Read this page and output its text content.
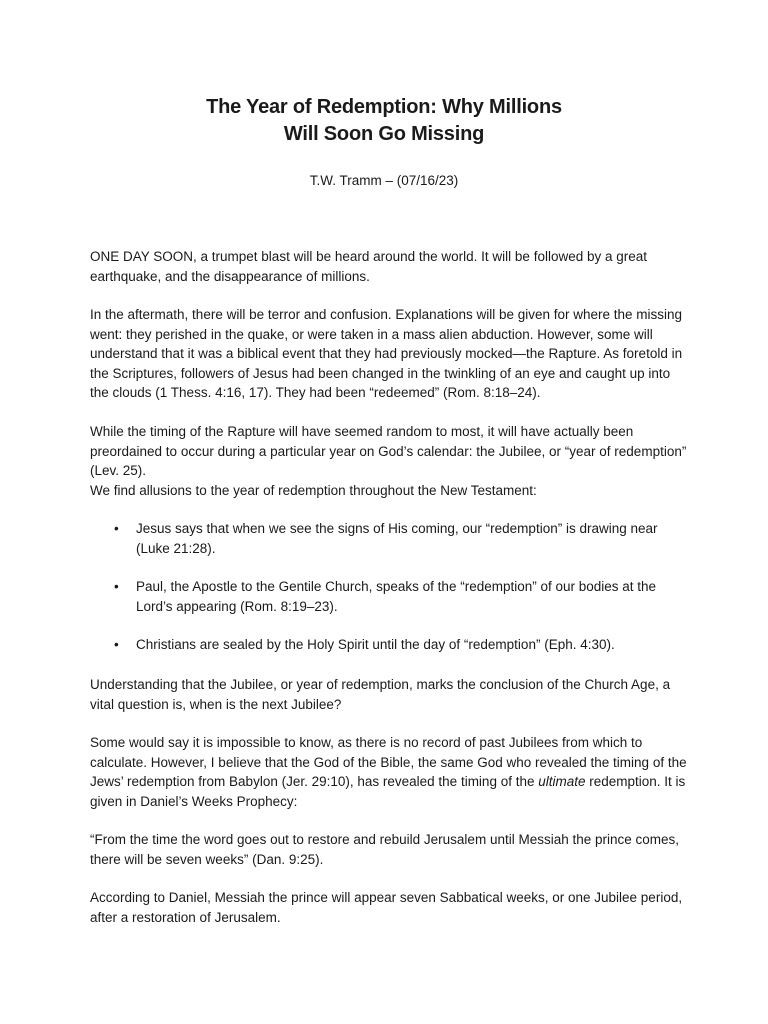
The Year of Redemption: Why Millions
Will Soon Go Missing

T.W. Tramm – (07/16/23)

ONE DAY SOON, a trumpet blast will be heard around the world. It will be followed by a great earthquake, and the disappearance of millions.

In the aftermath, there will be terror and confusion. Explanations will be given for where the missing went: they perished in the quake, or were taken in a mass alien abduction. However, some will understand that it was a biblical event that they had previously mocked—the Rapture. As foretold in the Scriptures, followers of Jesus had been changed in the twinkling of an eye and caught up into the clouds (1 Thess. 4:16, 17). They had been “redeemed” (Rom. 8:18–24).

While the timing of the Rapture will have seemed random to most, it will have actually been preordained to occur during a particular year on God’s calendar: the Jubilee, or “year of redemption” (Lev. 25).

We find allusions to the year of redemption throughout the New Testament:

•	Jesus says that when we see the signs of His coming, our “redemption” is drawing near (Luke 21:28).
•	Paul, the Apostle to the Gentile Church, speaks of the “redemption” of our bodies at the Lord’s appearing (Rom. 8:19–23).
•	Christians are sealed by the Holy Spirit until the day of “redemption” (Eph. 4:30).

Understanding that the Jubilee, or year of redemption, marks the conclusion of the Church Age, a vital question is, when is the next Jubilee?

Some would say it is impossible to know, as there is no record of past Jubilees from which to calculate. However, I believe that the God of the Bible, the same God who revealed the timing of the Jews’ redemption from Babylon (Jer. 29:10), has revealed the timing of the ultimate redemption. It is given in Daniel’s Weeks Prophecy:

“From the time the word goes out to restore and rebuild Jerusalem until Messiah the prince comes, there will be seven weeks” (Dan. 9:25).

According to Daniel, Messiah the prince will appear seven Sabbatical weeks, or one Jubilee period, after a restoration of Jerusalem.
